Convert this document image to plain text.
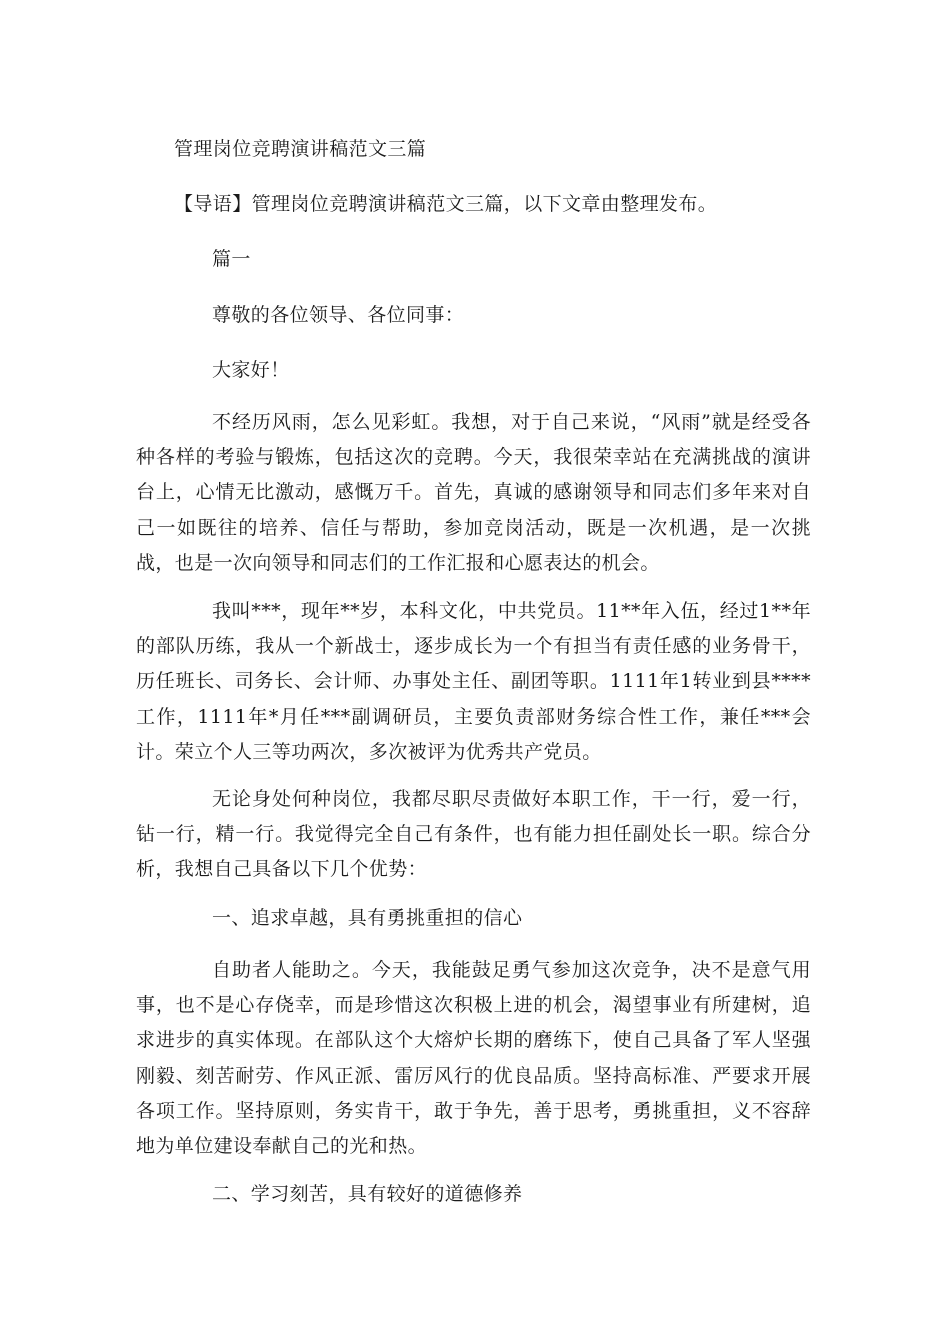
管理岗位竞聘演讲稿范文三篇
【导语】管理岗位竞聘演讲稿范文三篇，以下文章由整理发布。
篇一
尊敬的各位领导、各位同事：
大家好！
不经历风雨，怎么见彩虹。我想，对于自己来说，“风雨”就是经受各种各样的考验与锻炼，包括这次的竞聘。今天，我很荣幸站在充满挑战的演讲台上，心情无比激动，感慨万千。首先，真诚的感谢领导和同志们多年来对自己一如既往的培养、信任与帮助，参加竞岗活动，既是一次机遇，是一次挑战，也是一次向领导和同志们的工作汇报和心愿表达的机会。
我叫***，现年**岁，本科文化，中共党员。11**年入伍，经过1**年的部队历练，我从一个新战士，逐步成长为一个有担当有责任感的业务骨干，历任班长、司务长、会计师、办事处主任、副团等职。1111年1转业到县****工作，1111年*月任***副调研员，主要负责部财务综合性工作，兼任***会计。荣立个人三等功两次，多次被评为优秀共产党员。
无论身处何种岗位，我都尽职尽责做好本职工作，干一行，爱一行，钻一行，精一行。我觉得完全自己有条件，也有能力担任副处长一职。综合分析，我想自己具备以下几个优势：
一、追求卓越，具有勇挑重担的信心
自助者人能助之。今天，我能鼓足勇气参加这次竞争，决不是意气用事，也不是心存侥幸，而是珍惜这次积极上进的机会，渴望事业有所建树，追求进步的真实体现。在部队这个大熔炉长期的磨练下，使自己具备了军人坚强刚毅、刻苦耐劳、作风正派、雷厉风行的优良品质。坚持高标准、严要求开展各项工作。坚持原则，务实肯干，敢于争先，善于思考，勇挑重担，义不容辞地为单位建设奉献自己的光和热。
二、学习刻苦，具有较好的道德修养
